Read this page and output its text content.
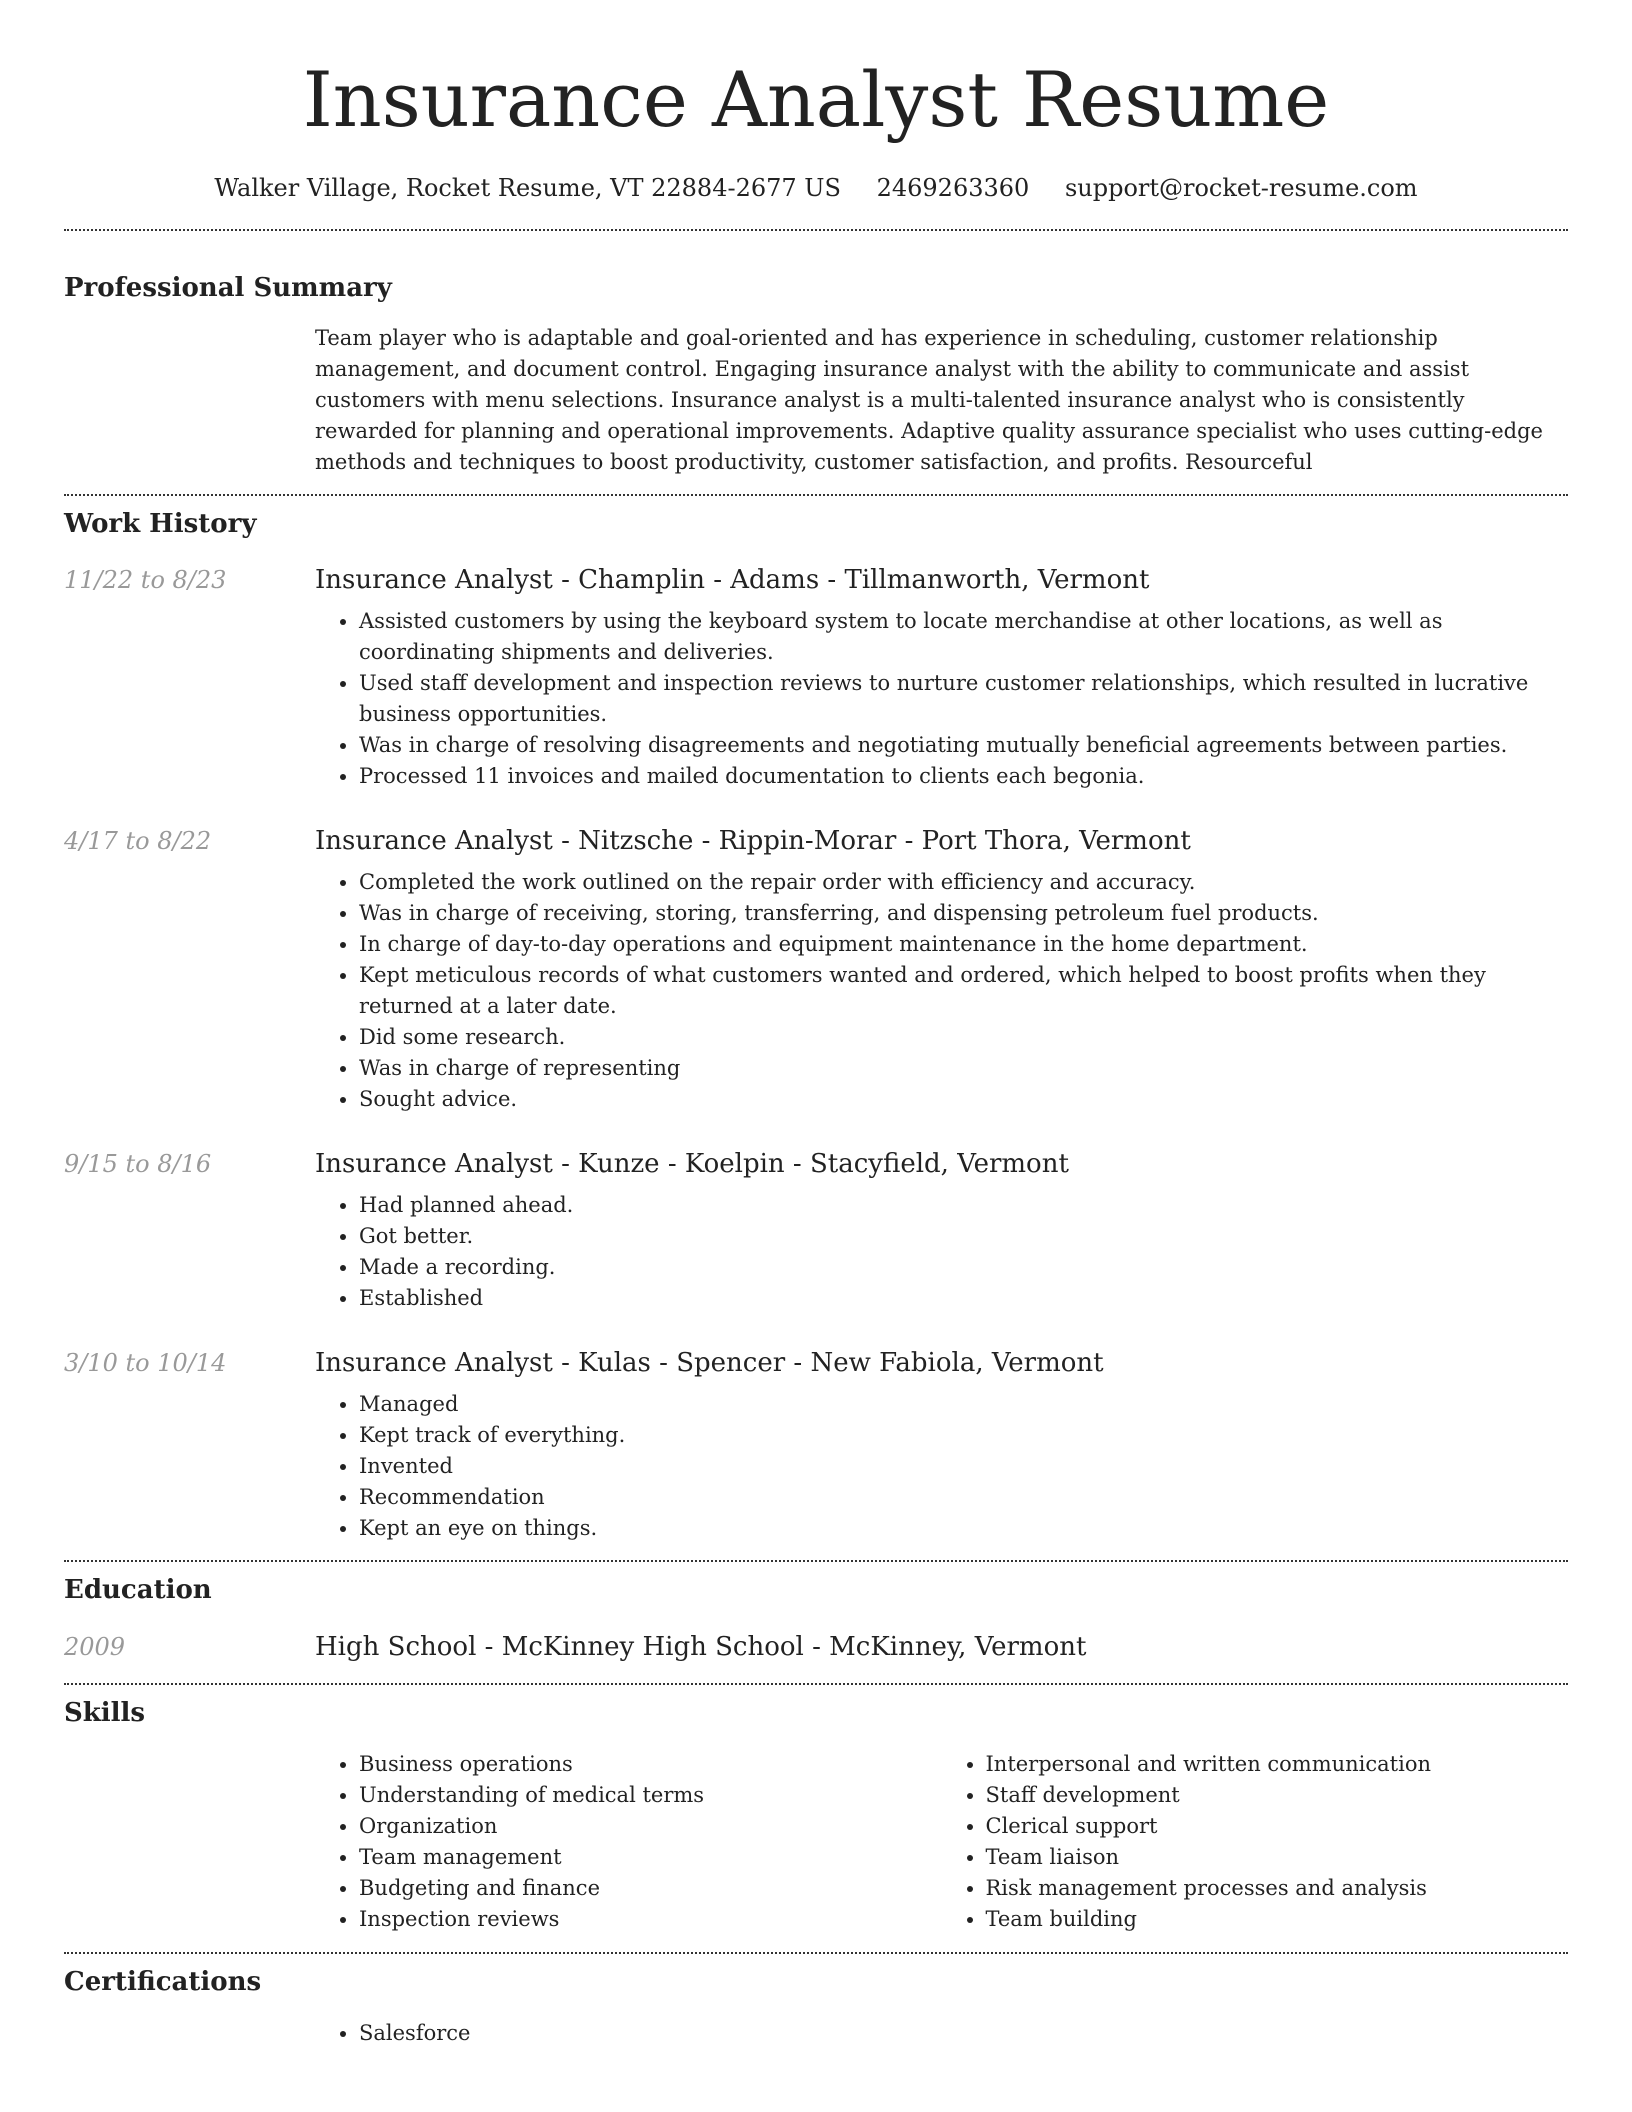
Insurance Analyst Resume
Walker Village, Rocket Resume, VT 22884-2677 US 2469263360 support@rocket-resume.com
Professional Summary
Team player who is adaptable and goal-oriented and has experience in scheduling, customer relationship management, and document control. Engaging insurance analyst with the ability to communicate and assist customers with menu selections. Insurance analyst is a multi-talented insurance analyst who is consistently rewarded for planning and operational improvements. Adaptive quality assurance specialist who uses cutting-edge methods and techniques to boost productivity, customer satisfaction, and profits. Resourceful
Work History
11/22 to 8/23	Insurance Analyst - Champlin - Adams - Tillmanworth, Vermont
• Assisted customers by using the keyboard system to locate merchandise at other locations, as well as coordinating shipments and deliveries.
• Used staff development and inspection reviews to nurture customer relationships, which resulted in lucrative business opportunities.
• Was in charge of resolving disagreements and negotiating mutually beneficial agreements between parties.
• Processed 11 invoices and mailed documentation to clients each begonia.
4/17 to 8/22	Insurance Analyst - Nitzsche - Rippin-Morar - Port Thora, Vermont
• Completed the work outlined on the repair order with efficiency and accuracy.
• Was in charge of receiving, storing, transferring, and dispensing petroleum fuel products.
• In charge of day-to-day operations and equipment maintenance in the home department.
• Kept meticulous records of what customers wanted and ordered, which helped to boost profits when they returned at a later date.
• Did some research.
• Was in charge of representing
• Sought advice.
9/15 to 8/16	Insurance Analyst - Kunze - Koelpin - Stacyfield, Vermont
• Had planned ahead.
• Got better.
• Made a recording.
• Established
3/10 to 10/14	Insurance Analyst - Kulas - Spencer - New Fabiola, Vermont
• Managed
• Kept track of everything.
• Invented
• Recommendation
• Kept an eye on things.
Education
2009	High School - McKinney High School - McKinney, Vermont
Skills
• Business operations
• Understanding of medical terms
• Organization
• Team management
• Budgeting and finance
• Inspection reviews
• Interpersonal and written communication
• Staff development
• Clerical support
• Team liaison
• Risk management processes and analysis
• Team building
Certifications
• Salesforce
